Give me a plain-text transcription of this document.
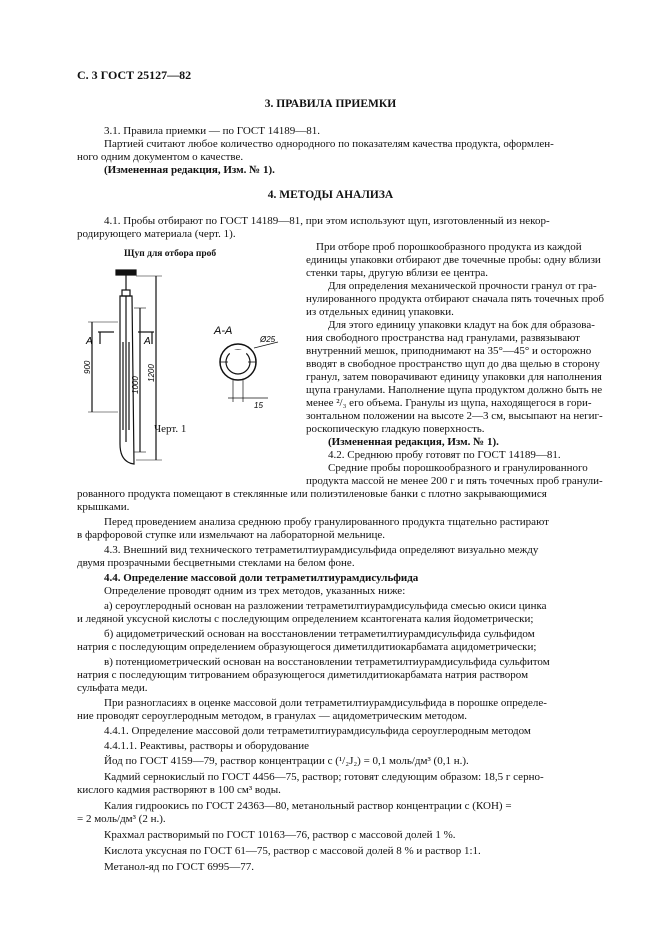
С. 3 ГОСТ 25127—82
3. ПРАВИЛА ПРИЕМКИ
3.1. Правила приемки — по ГОСТ 14189—81.
Партией считают любое количество однородного по показателям качества продукта, оформлен-
ного одним документом о качестве.
(Измененная редакция, Изм. № 1).
4. МЕТОДЫ АНАЛИЗА
4.1. Пробы отбирают по ГОСТ 14189—81, при этом используют щуп, изготовленный из некор-
родирующего материала (черт. 1).
Щуп для отбора проб
А	А
А-А
Ø25
15
900
1000
1200
Черт. 1
При отборе проб порошкообразного продукта из каждой
единицы упаковки отбирают две точечные пробы: одну вблизи
стенки тары, другую вблизи ее центра.
Для определения механической прочности гранул от гра-
нулированного продукта отбирают сначала пять точечных проб
из отдельных единиц упаковки.
Для этого единицу упаковки кладут на бок для образова-
ния свободного пространства над гранулами, развязывают
внутренний мешок, приподнимают на 35°—45° и осторожно
вводят в свободное пространство щуп до два щелью в сторону
гранул, затем поворачивают единицу упаковки для наполнения
щупа гранулами. Наполнение щупа продуктом должно быть не
менее ²/₃ его объема. Гранулы из щупа, находящегося в гори-
зонтальном положении на высоте 2—3 см, высыпают на негиг-
роскопическую гладкую поверхность.
(Измененная редакция, Изм. № 1).
4.2. Среднюю пробу готовят по ГОСТ 14189—81.
Средние пробы порошкообразного и гранулированного
продукта массой не менее 200 г и пять точечных проб гранули-
рованного продукта помещают в стеклянные или полиэтиленовые банки с плотно закрывающимися
крышками.
Перед проведением анализа среднюю пробу гранулированного продукта тщательно растирают
в фарфоровой ступке или измельчают на лабораторной мельнице.
4.3. Внешний вид технического тетраметилтиурамдисульфида определяют визуально между
двумя прозрачными бесцветными стеклами на белом фоне.
4.4. Определение массовой доли тетраметилтиурамдисульфида
Определение проводят одним из трех методов, указанных ниже:
а) сероуглеродный основан на разложении тетраметилтиурамдисульфида смесью окиси цинка
и ледяной уксусной кислоты с последующим определением ксантогената калия йодометрически;
б) ацидометрический основан на восстановлении тетраметилтиурамдисульфида сульфидом
натрия с последующим определением образующегося диметилдитиокарбамата ацидометрически;
в) потенциометрический основан на восстановлении тетраметилтиурамдисульфида сульфитом
натрия с последующим титрованием образующегося диметилдитиокарбамата натрия раствором
сульфата меди.
При разногласиях в оценке массовой доли тетраметилтиурамдисульфида в порошке определе-
ние проводят сероуглеродным методом, в гранулах — ацидометрическим методом.
4.4.1. Определение массовой доли тетраметилтиурамдисульфида сероуглеродным методом
4.4.1.1. Реактивы, растворы и оборудование
Йод по ГОСТ 4159—79, раствор концентрации с (¹/₂J₂) = 0,1 моль/дм³ (0,1 н.).
Кадмий сернокислый по ГОСТ 4456—75, раствор; готовят следующим образом: 18,5 г серно-
кислого кадмия растворяют в 100 см³ воды.
Калия гидроокись по ГОСТ 24363—80, метанольный раствор концентрации с (КОН) =
= 2 моль/дм³ (2 н.).
Крахмал растворимый по ГОСТ 10163—76, раствор с массовой долей 1 %.
Кислота уксусная по ГОСТ 61—75, раствор с массовой долей 8 % и раствор 1:1.
Метанол-яд по ГОСТ 6995—77.
